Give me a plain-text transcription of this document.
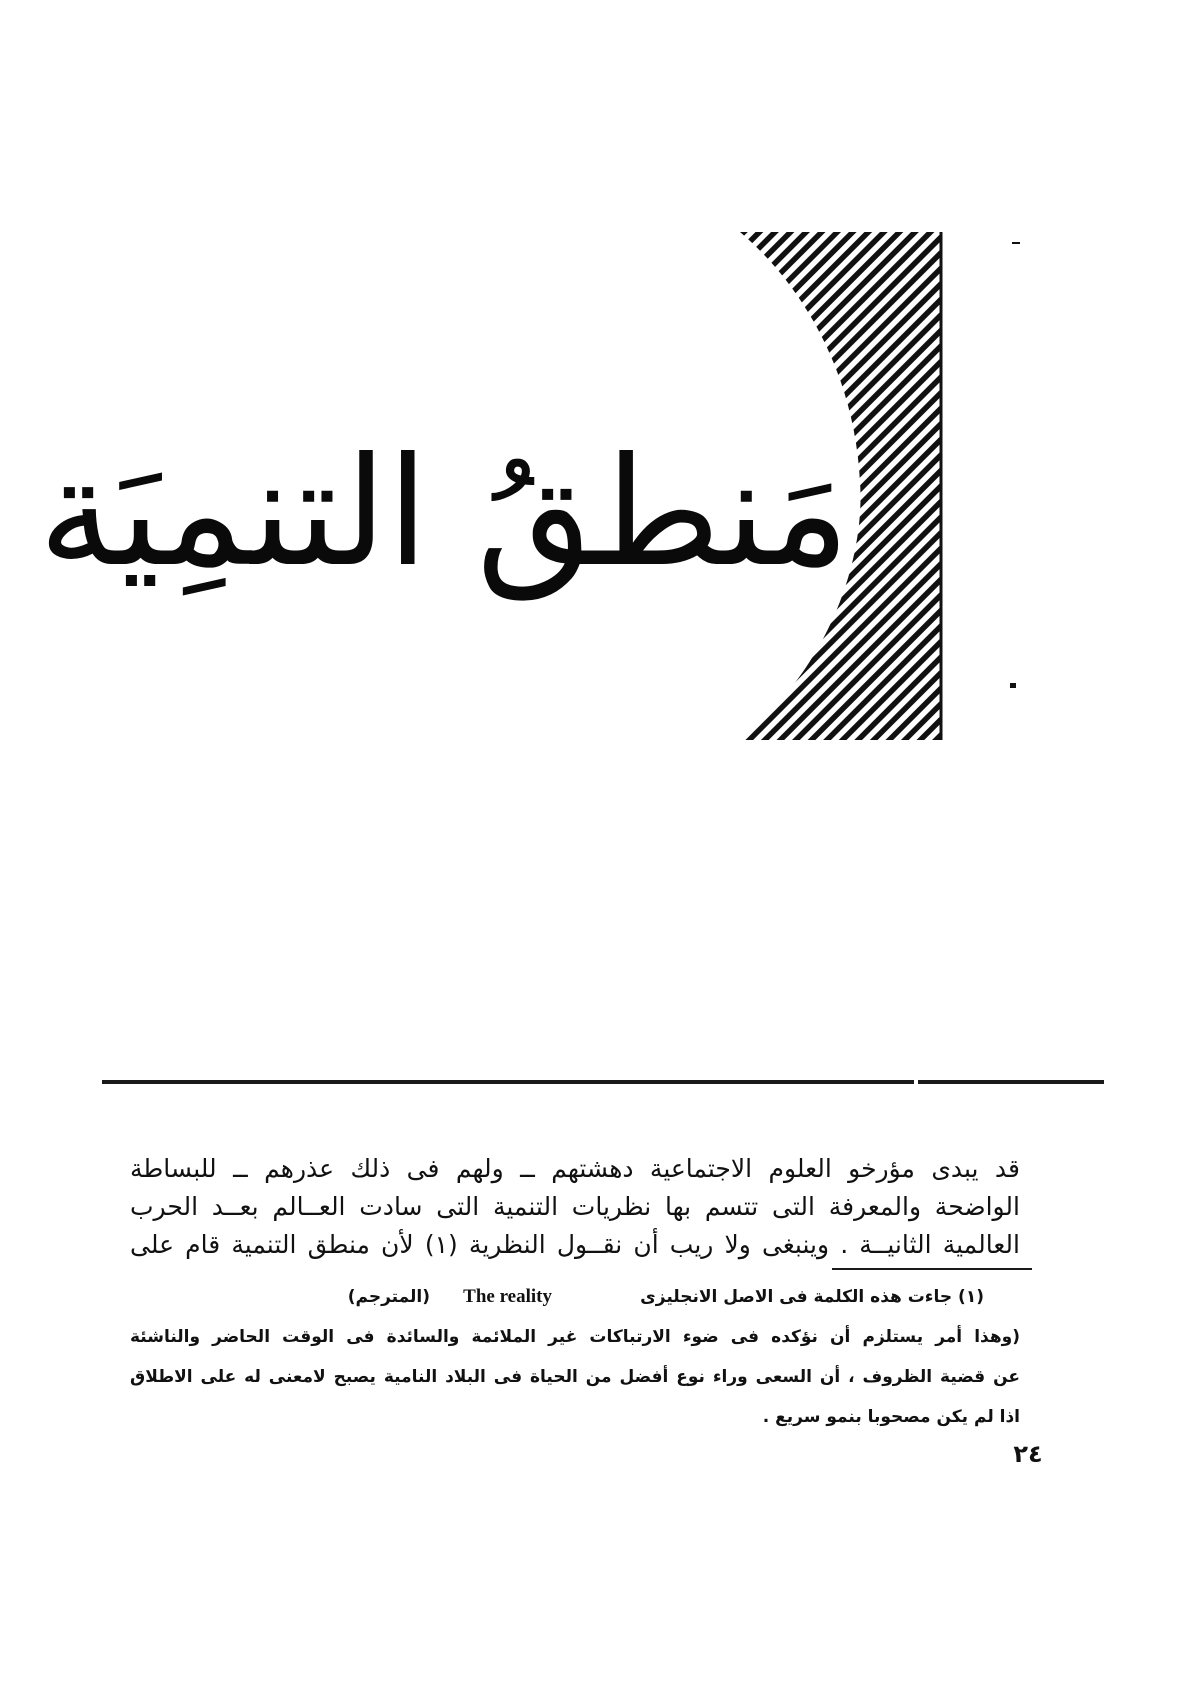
مَنطقُ التنمِيَة
قد يبدى مؤرخو العلوم الاجتماعية دهشتهم ــ ولهم فى ذلك عذرهم ــ للبساطة
الواضحة والمعرفة التى تتسم بها نظريات التنمية التى سادت العــالم بعــد الحرب
العالمية الثانيــة . وينبغى ولا ريب أن نقــول النظرية (١) لأن منطق التنمية قام على
(١) جاءت هذه الكلمة فى الاصل الانجليزى
The reality
(المترجم)
(وهذا أمر يستلزم أن نؤكده فى ضوء الارتباكات غير الملائمة والسائدة فى الوقت الحاضر والناشئة
عن قضية الظروف ، أن السعى وراء نوع أفضل من الحياة فى البلاد النامية يصبح لامعنى له على الاطلاق
اذا لم يكن مصحوبا بنمو سريع .
٢٤
